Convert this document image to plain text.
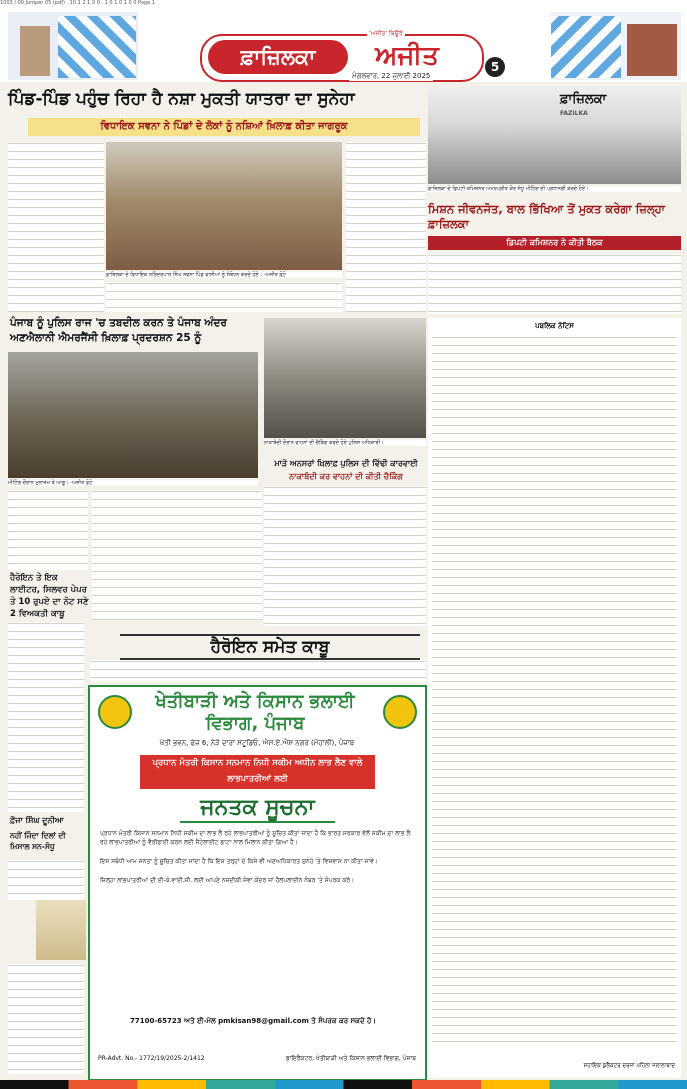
1003 / 00 Jumper 05 (pdf) . 10 1 2 1 0 0 . 1 0 1 0 1 0 0 Page 1
ਫ਼ਾਜ਼ਿਲਕਾ	ਅਜੀਤ
'ਅਜੀਤ' ਬਿਊਰੋ
ਮੰਗਲਵਾਰ, 22 ਜੁਲਾਈ 2025
5
ਪਿੰਡ-ਪਿੰਡ ਪਹੁੰਚ ਰਿਹਾ ਹੈ ਨਸ਼ਾ ਮੁਕਤੀ ਯਾਤਰਾ ਦਾ ਸੁਨੇਹਾ
ਵਿਧਾਇਕ ਸਵਨਾ ਨੇ ਪਿੰਡਾਂ ਦੇ ਲੋਕਾਂ ਨੂੰ ਨਸ਼ਿਆਂ ਖ਼ਿਲਾਫ਼ ਕੀਤਾ ਜਾਗਰੂਕ
ਫ਼ਾਜ਼ਿਲਕਾ ਦੇ ਵਿਧਾਇਕ ਨਰਿੰਦਰਪਾਲ ਸਿੰਘ ਸਵਨਾ ਪਿੰਡ ਵਾਸੀਆਂ ਨੂੰ ਸੰਬੋਧਨ ਕਰਦੇ ਹੋਏ। -ਅਜੀਤ ਫ਼ੋਟੋ
ਪੰਜਾਬ ਨੂੰ ਪੁਲਿਸ ਰਾਜ 'ਚ ਤਬਦੀਲ ਕਰਨ ਤੇ ਪੰਜਾਬ ਅੰਦਰ ਅਣਐਲਾਨੀ ਐਮਰਜੈਂਸੀ ਖ਼ਿਲਾਫ਼ ਪ੍ਰਦਰਸ਼ਨ 25 ਨੂੰ
ਮੀਟਿੰਗ ਦੌਰਾਨ ਮੁਲਾਜ਼ਮ ਤੇ ਆਗੂ। -ਅਜੀਤ ਫ਼ੋਟੋ
ਨਾਕਾਬੰਦੀ ਦੌਰਾਨ ਵਾਹਨਾਂ ਦੀ ਚੈਕਿੰਗ ਕਰਦੇ ਹੋਏ ਪੁਲਿਸ ਅਧਿਕਾਰੀ।
ਮਾੜੇ ਅਨਸਰਾਂ ਖ਼ਿਲਾਫ਼ ਪੁਲਿਸ ਦੀ ਵਿੱਢੀ ਕਾਰਵਾਈ
ਨਾਕਾਬੰਦੀ ਕਰ ਵਾਹਨਾਂ ਦੀ ਕੀਤੀ ਚੈਕਿੰਗ
ਹੈਰੋਇਨ ਤੇ ਇਕ ਲਾਈਟਰ, ਸਿਲਵਰ ਪੇਪਰ ਤੇ 10 ਰੁਪਏ ਦਾ ਨੋਟ ਸਣੇ 2 ਵਿਅਕਤੀ ਕਾਬੂ
ਹੈਰੋਇਨ ਸਮੇਤ ਕਾਬੂ
ਫ਼ੌਜਾ ਸਿੰਘ ਦੂਨੀਆ
ਨਹੀਂ ਜਿੰਦਾ ਦਿਲਾਂ ਦੀ ਮਿਸਾਲ ਸਨ-ਸੰਧੂ
ਖੇਤੀਬਾੜੀ ਅਤੇ ਕਿਸਾਨ ਭਲਾਈ ਵਿਭਾਗ, ਪੰਜਾਬ
ਖੇਤੀ ਭਵਨ, ਫੇਜ਼ 6, ਨੇੜੇ ਦਾਰਾ ਸਟੂਡਿਓ, ਐਸ.ਏ.ਐਸ ਨਗਰ (ਮੋਹਾਲੀ), ਪੰਜਾਬ
ਪ੍ਰਧਾਨ ਮੰਤਰੀ ਕਿਸਾਨ ਸਨਮਾਨ ਨਿਧੀ ਸਕੀਮ ਅਧੀਨ ਲਾਭ ਲੈਣ ਵਾਲੇ ਲਾਭਪਾਤਰੀਆਂ ਲਈ
ਜਨਤਕ ਸੂਚਨਾ

ਪ੍ਰਧਾਨ ਮੰਤਰੀ ਕਿਸਾਨ ਸਨਮਾਨ ਨਿਧੀ ਸਕੀਮ ਦਾ ਲਾਭ ਲੈ ਰਹੇ ਲਾਭਪਾਤਰੀਆਂ ਨੂੰ ਸੂਚਿਤ ਕੀਤਾ ਜਾਂਦਾ ਹੈ ਕਿ ਭਾਰਤ ਸਰਕਾਰ ਵੱਲੋਂ ਸਕੀਮ ਦਾ ਲਾਭ ਲੈ ਰਹੇ ਲਾਭਪਾਤਰੀਆਂ ਨੂੰ ਵੈਰੀਫਾਈ ਕਰਨ ਲਈ ਸੈਟੇਲਾਈਟ ਡਾਟਾ ਨਾਲ ਮਿਲਾਨ ਕੀਤਾ ਗਿਆ ਹੈ।

ਇਸ ਸਬੰਧੀ ਆਮ ਜਨਤਾ ਨੂੰ ਸੂਚਿਤ ਕੀਤਾ ਜਾਂਦਾ ਹੈ ਕਿ ਇਸ ਤਰ੍ਹਾਂ ਦੇ ਕਿਸੇ ਵੀ ਅਣਅਧਿਕਾਰਤ ਸੁਨੇਹੇ 'ਤੇ ਵਿਸ਼ਵਾਸ ਨਾ ਕੀਤਾ ਜਾਵੇ।

ਜ਼ਿਲ੍ਹਾ ਲਾਭਪਾਤਰੀਆਂ ਦੀ ਈ-ਕੇ.ਵਾਈ.ਸੀ. ਲਈ ਆਪਣੇ ਨਜ਼ਦੀਕੀ ਸੇਵਾ ਕੇਂਦਰ ਜਾਂ ਹੈਲਪਲਾਈਨ ਨੰਬਰ 'ਤੇ ਸੰਪਰਕ ਕਰੋ।

77100-65723 ਅਤੇ ਈ-ਮੇਲ pmkisan98@gmail.com ਤੇ ਸੰਪਰਕ ਕਰ ਸਕਦੇ ਹੋ।
PR-Advt. No.- 1772/19/2025-2/1412	ਡਾਇਰੈਕਟਰ, ਖੇਤੀਬਾੜੀ ਅਤੇ ਕਿਸਾਨ ਭਲਾਈ ਵਿਭਾਗ, ਪੰਜਾਬ
ਫ਼ਾਜ਼ਿਲਕਾ
FAZILKA
ਫ਼ਾਜ਼ਿਲਕਾ ਦੇ ਡਿਪਟੀ ਕਮਿਸ਼ਨਰ ਅਮਰਪ੍ਰੀਤ ਕੌਰ ਸੰਧੂ ਮੀਟਿੰਗ ਦੀ ਪ੍ਰਧਾਨਗੀ ਕਰਦੇ ਹੋਏ।
ਮਿਸ਼ਨ ਜੀਵਨਜੋਤ, ਬਾਲ ਭਿੱਖਿਆ ਤੋਂ ਮੁਕਤ ਕਰੇਗਾ ਜ਼ਿਲ੍ਹਾ ਫ਼ਾਜ਼ਿਲਕਾ
ਡਿਪਟੀ ਕਮਿਸ਼ਨਰ ਨੇ ਕੀਤੀ ਬੈਠਕ
ਪਬਲਿਕ ਨੋਟਿਸ
ਸਹਾਇਕ ਕੁਲੈਕਟਰ ਦਰਜਾ ਪਹਿਲਾ ਜਲਾਲਾਬਾਦ
